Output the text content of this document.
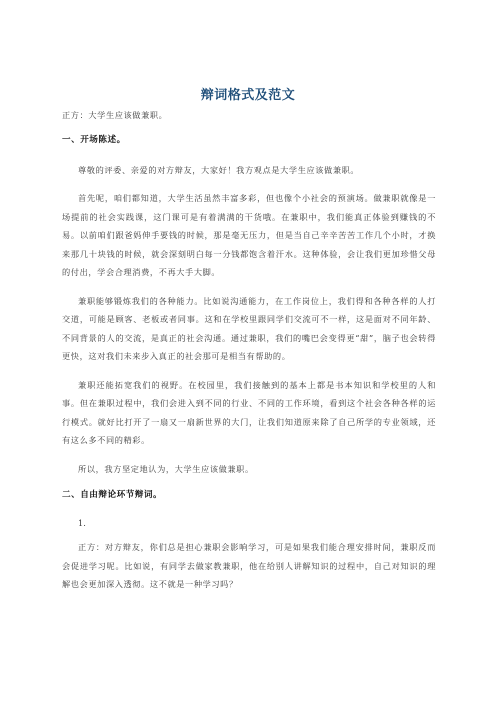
辩词格式及范文

正方：大学生应该做兼职。

一、开场陈述。

尊敬的评委、亲爱的对方辩友，大家好！我方观点是大学生应该做兼职。

首先呢，咱们都知道，大学生活虽然丰富多彩，但也像个小社会的预演场。做兼职就像是一场提前的社会实践课，这门课可是有着满满的干货哦。在兼职中，我们能真正体验到赚钱的不易。以前咱们跟爸妈伸手要钱的时候，那是毫无压力，但是当自己辛辛苦苦工作几个小时，才换来那几十块钱的时候，就会深刻明白每一分钱都饱含着汗水。这种体验，会让我们更加珍惜父母的付出，学会合理消费，不再大手大脚。

兼职能够锻炼我们的各种能力。比如说沟通能力，在工作岗位上，我们得和各种各样的人打交道，可能是顾客、老板或者同事。这和在学校里跟同学们交流可不一样，这是面对不同年龄、不同背景的人的交流，是真正的社会沟通。通过兼职，我们的嘴巴会变得更“甜”，脑子也会转得更快，这对我们未来步入真正的社会那可是相当有帮助的。

兼职还能拓宽我们的视野。在校园里，我们接触到的基本上都是书本知识和学校里的人和事。但在兼职过程中，我们会进入到不同的行业、不同的工作环境，看到这个社会各种各样的运行模式。就好比打开了一扇又一扇新世界的大门，让我们知道原来除了自己所学的专业领域，还有这么多不同的精彩。

所以，我方坚定地认为，大学生应该做兼职。

二、自由辩论环节辩词。
1.

正方：对方辩友，你们总是担心兼职会影响学习，可是如果我们能合理安排时间，兼职反而会促进学习呢。比如说，有同学去做家教兼职，他在给别人讲解知识的过程中，自己对知识的理解也会更加深入透彻。这不就是一种学习吗？
